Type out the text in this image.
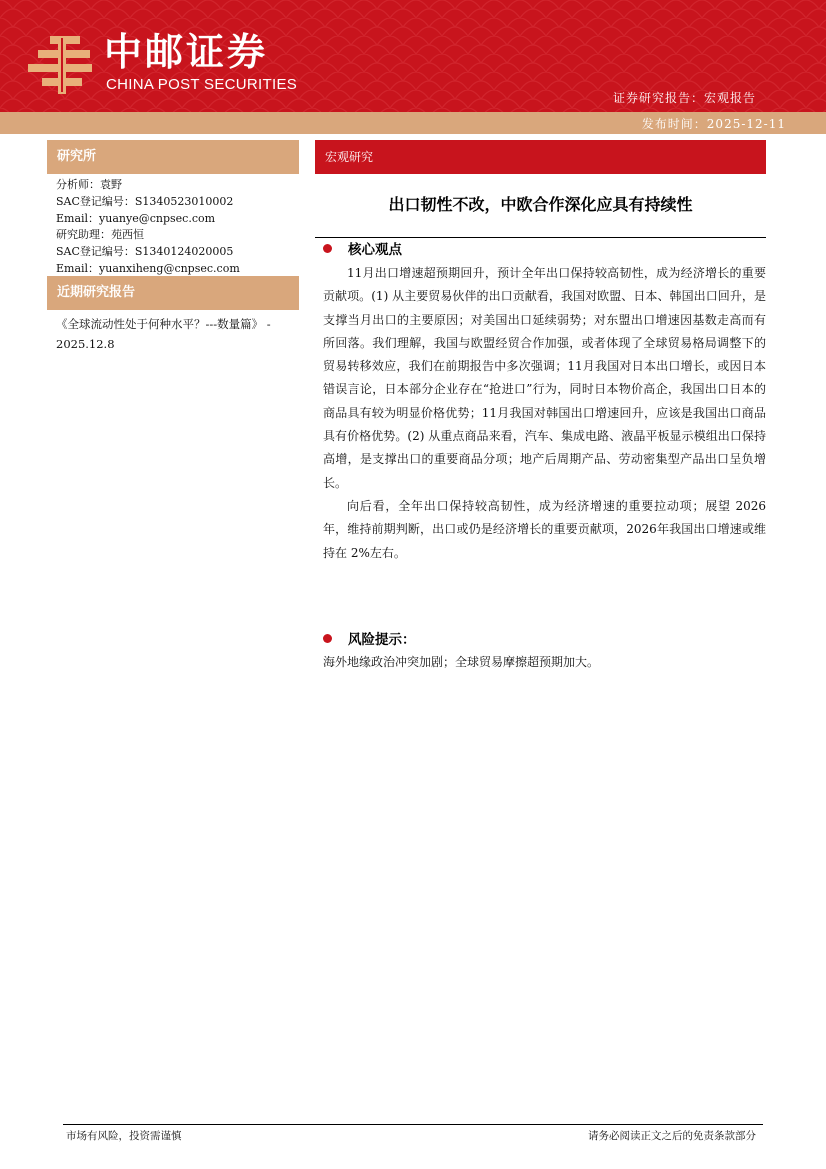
中邮证券
CHINA POST SECURITIES
证券研究报告：宏观报告
发布时间：2025-12-11
研究所
分析师：袁野
SAC登记编号：S1340523010002
Email：yuanye@cnpsec.com
研究助理：苑西恒
SAC登记编号：S1340124020005
Email：yuanxiheng@cnpsec.com
近期研究报告
《全球流动性处于何种水平？---数量篇》 - 2025.12.8
宏观研究
出口韧性不改，中欧合作深化应具有持续性
核心观点

11月出口增速超预期回升，预计全年出口保持较高韧性，成为经济增长的重要贡献项。(1) 从主要贸易伙伴的出口贡献看，我国对欧盟、日本、韩国出口回升，是支撑当月出口的主要原因；对美国出口延续弱势；对东盟出口增速因基数走高而有所回落。我们理解，我国与欧盟经贸合作加强，或者体现了全球贸易格局调整下的贸易转移效应，我们在前期报告中多次强调；11月我国对日本出口增长，或因日本错误言论，日本部分企业存在“抢进口”行为，同时日本物价高企，我国出口日本的商品具有较为明显价格优势；11月我国对韩国出口增速回升，应该是我国出口商品具有价格优势。(2) 从重点商品来看，汽车、集成电路、液晶平板显示模组出口保持高增，是支撑出口的重要商品分项；地产后周期产品、劳动密集型产品出口呈负增长。

向后看，全年出口保持较高韧性，成为经济增速的重要拉动项；展望 2026 年，维持前期判断，出口或仍是经济增长的重要贡献项，2026年我国出口增速或维持在 2%左右。

风险提示：
海外地缘政治冲突加剧；全球贸易摩擦超预期加大。
市场有风险，投资需谨慎	请务必阅读正文之后的免责条款部分
